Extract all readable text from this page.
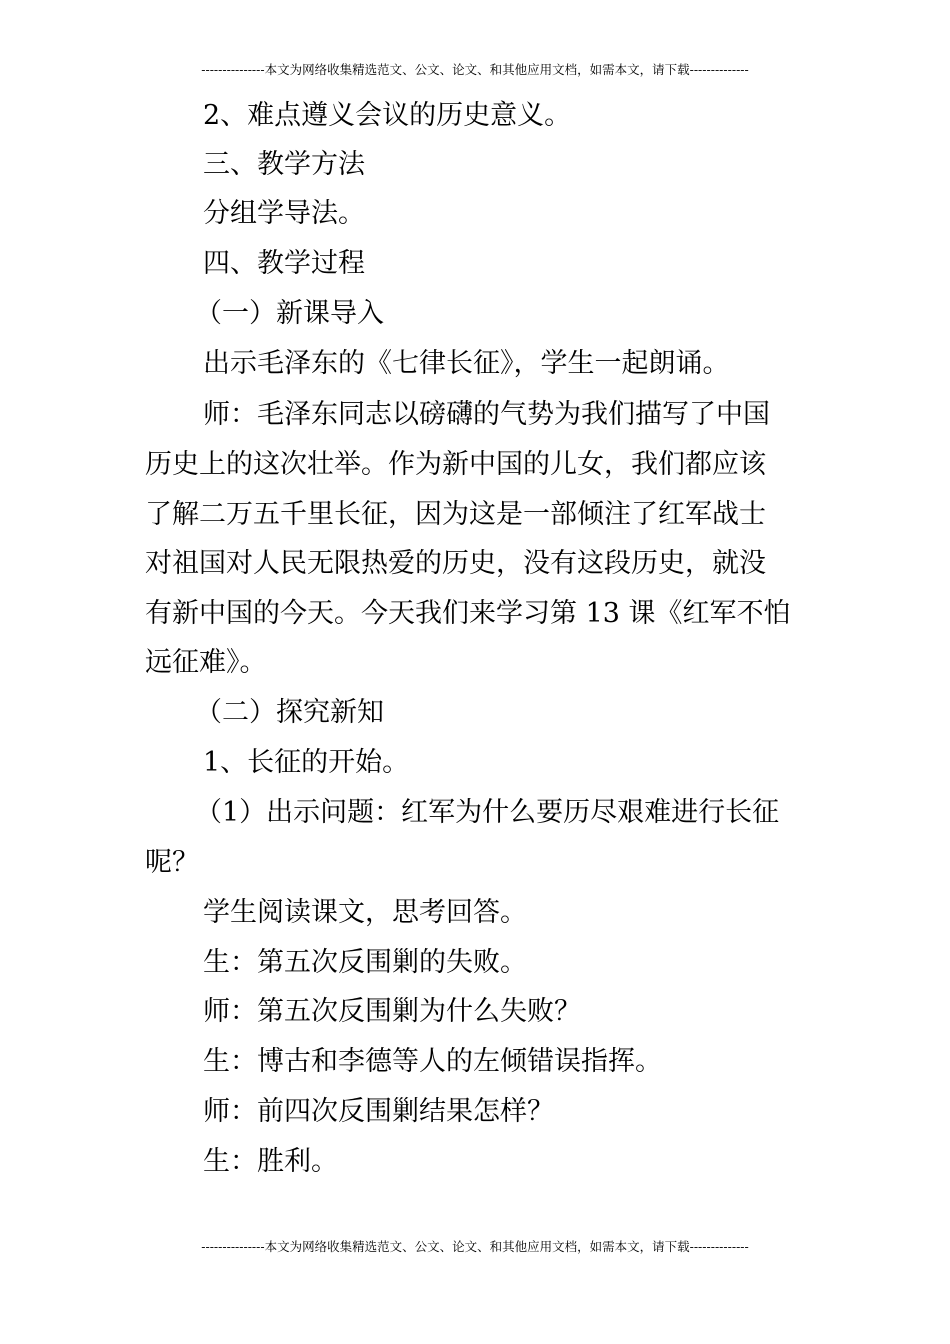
---------------本文为网络收集精选范文、公文、论文、和其他应用文档，如需本文，请下载--------------
2、难点遵义会议的历史意义。
三、教学方法
分组学导法。
四、教学过程
（一）新课导入
出示毛泽东的《七律长征》，学生一起朗诵。
师：毛泽东同志以磅礴的气势为我们描写了中国
历史上的这次壮举。作为新中国的儿女，我们都应该
了解二万五千里长征，因为这是一部倾注了红军战士
对祖国对人民无限热爱的历史，没有这段历史，就没
有新中国的今天。今天我们来学习第 13 课《红军不怕
远征难》。
（二）探究新知
1、长征的开始。
（1）出示问题：红军为什么要历尽艰难进行长征
呢？
学生阅读课文，思考回答。
生：第五次反围剿的失败。
师：第五次反围剿为什么失败？
生：博古和李德等人的左倾错误指挥。
师：前四次反围剿结果怎样？
生：胜利。
---------------本文为网络收集精选范文、公文、论文、和其他应用文档，如需本文，请下载--------------
